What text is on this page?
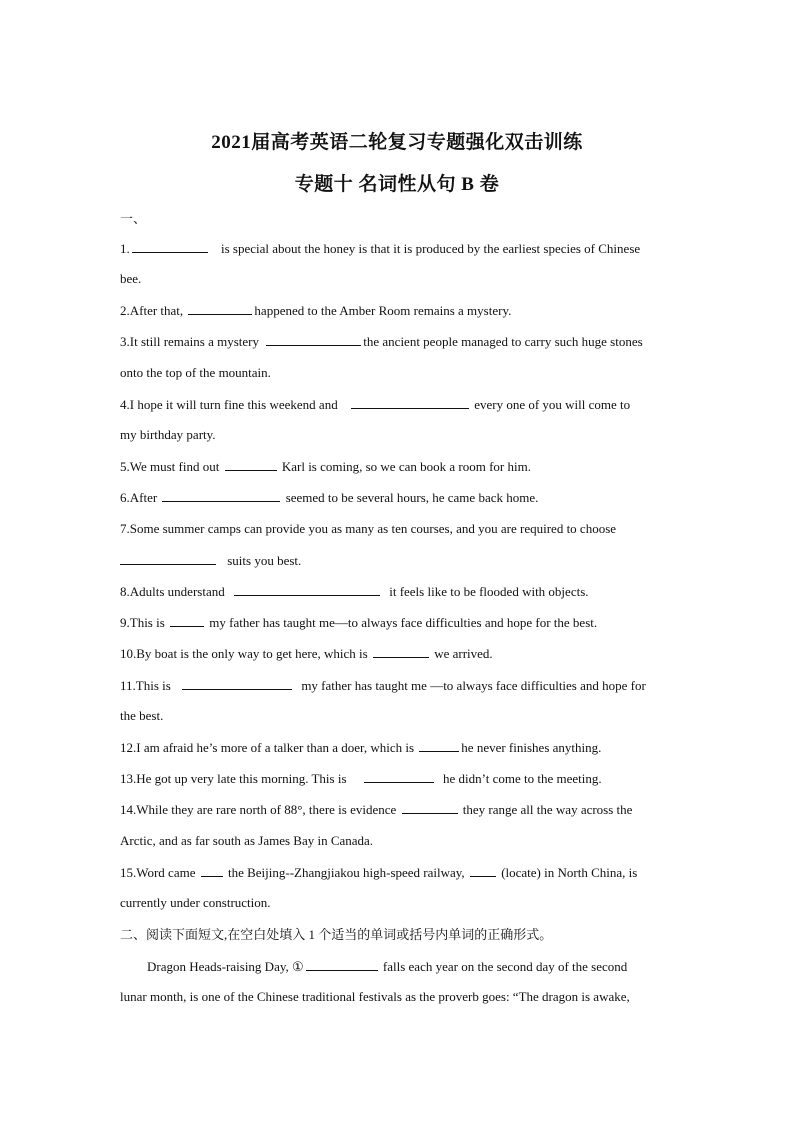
2021届高考英语二轮复习专题强化双击训练
专题十 名词性从句 B 卷
一、
1.	is special about the honey is that it is produced by the earliest species of Chinese
bee.
2.After that,	happened to the Amber Room remains a mystery.
3.It still remains a mystery	the ancient people managed to carry such huge stones
onto the top of the mountain.
4.I hope it will turn fine this weekend and	every one of you will come to
my birthday party.
5.We must find out	Karl is coming, so we can book a room for him.
6.After	seemed to be several hours, he came back home.
7.Some summer camps can provide you as many as ten courses, and you are required to choose
suits you best.
8.Adults understand	it feels like to be flooded with objects.
9.This is	my father has taught me—to always face difficulties and hope for the best.
10.By boat is the only way to get here, which is	we arrived.
11.This is	my father has taught me —to always face difficulties and hope for
the best.
12.I am afraid he’s more of a talker than a doer, which is	he never finishes anything.
13.He got up very late this morning. This is	he didn’t come to the meeting.
14.While they are rare north of 88°, there is evidence	they range all the way across the
Arctic, and as far south as James Bay in Canada.
15.Word came	the Beijing--Zhangjiakou high-speed railway,	(locate) in North China, is
currently under construction.
二、阅读下面短文,在空白处填入 1 个适当的单词或括号内单词的正确形式。
Dragon Heads-raising Day, ①	falls each year on the second day of the second
lunar month, is one of the Chinese traditional festivals as the proverb goes: “The dragon is awake,
